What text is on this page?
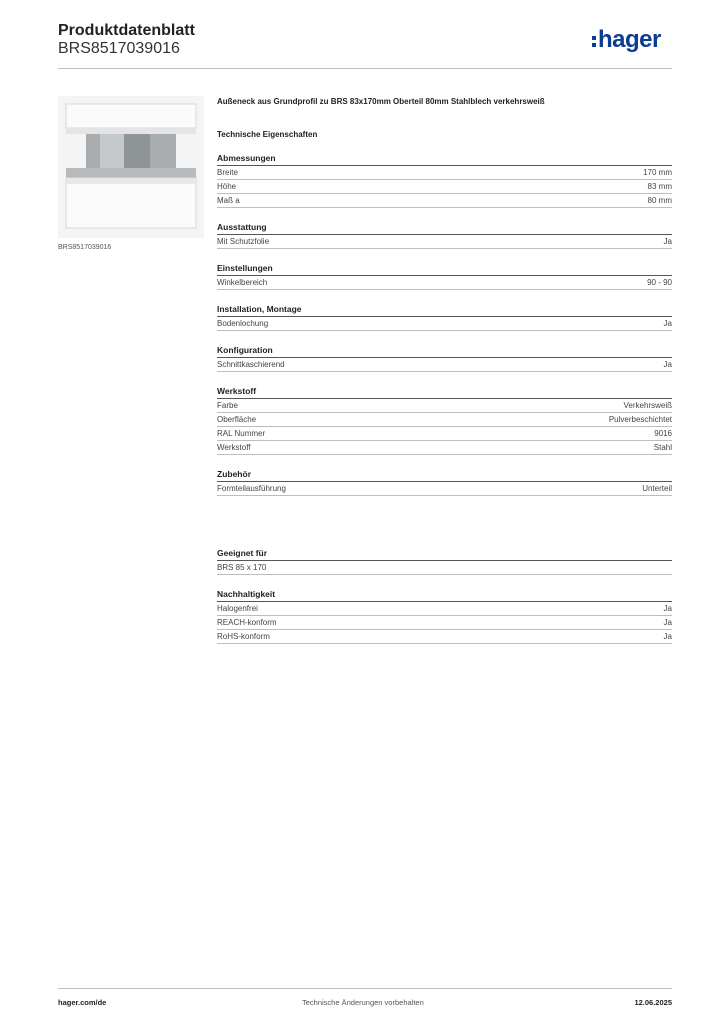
Produktdatenblatt
BRS8517039016	hager
BRS8517039016
Außeneck aus Grundprofil zu BRS 83x170mm Oberteil 80mm Stahlblech verkehrsweiß
Technische Eigenschaften
Abmessungen
Breite	170 mm
Höhe	83 mm
Maß a	80 mm
Ausstattung
Mit Schutzfolie	Ja
Einstellungen
Winkelbereich	90 - 90
Installation, Montage
Bodenlochung	Ja
Konfiguration
Schnittkaschierend	Ja
Werkstoff
Farbe	Verkehrsweiß
Oberfläche	Pulverbeschichtet
RAL Nummer	9016
Werkstoff	Stahl
Zubehör
Formteilausführung	Unterteil
Geeignet für
BRS 85 x 170
Nachhaltigkeit
Halogenfrei	Ja
REACH-konform	Ja
RoHS-konform	Ja
hager.com/de	Technische Änderungen vorbehalten	12.06.2025
